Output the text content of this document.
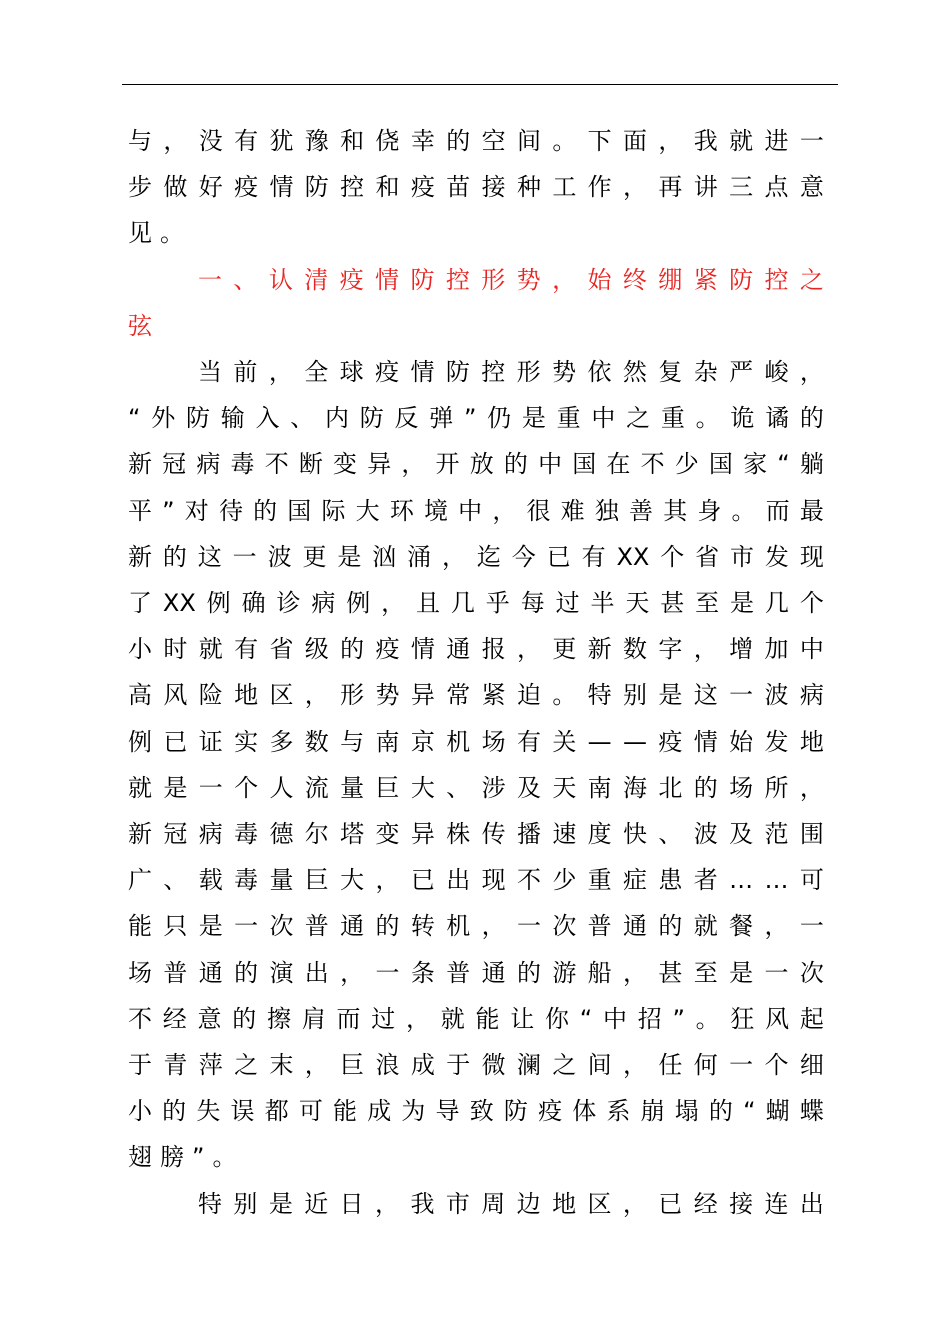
与 ， 没 有 犹 豫 和 侥 幸 的 空 间 。 下 面 ， 我 就 进 一
步 做 好 疫 情 防 控 和 疫 苗 接 种 工 作 ， 再 讲 三 点 意
见 。
一 、 认 清 疫 情 防 控 形 势 ， 始 终 绷 紧 防 控 之
弦
当 前 ， 全 球 疫 情 防 控 形 势 依 然 复 杂 严 峻 ，
“ 外 防 输 入 、 内 防 反 弹 ” 仍 是 重 中 之 重 。 诡 谲 的
新 冠 病 毒 不 断 变 异 ， 开 放 的 中 国 在 不 少 国 家 “ 躺
平 ” 对 待 的 国 际 大 环 境 中 ， 很 难 独 善 其 身 。 而 最
新 的 这 一 波 更 是 汹 涌 ， 迄 今 已 有 XX 个 省 市 发 现
了 XX 例 确 诊 病 例 ， 且 几 乎 每 过 半 天 甚 至 是 几 个
小 时 就 有 省 级 的 疫 情 通 报 ， 更 新 数 字 ， 增 加 中
高 风 险 地 区 ， 形 势 异 常 紧 迫 。 特 别 是 这 一 波 病
例 已 证 实 多 数 与 南 京 机 场 有 关 — — 疫 情 始 发 地
就 是 一 个 人 流 量 巨 大 、 涉 及 天 南 海 北 的 场 所 ，
新 冠 病 毒 德 尔 塔 变 异 株 传 播 速 度 快 、 波 及 范 围
广 、 载 毒 量 巨 大 ， 已 出 现 不 少 重 症 患 者 … … 可
能 只 是 一 次 普 通 的 转 机 ， 一 次 普 通 的 就 餐 ， 一
场 普 通 的 演 出 ， 一 条 普 通 的 游 船 ， 甚 至 是 一 次
不 经 意 的 擦 肩 而 过 ， 就 能 让 你 “ 中 招 ” 。 狂 风 起
于 青 萍 之 末 ， 巨 浪 成 于 微 澜 之 间 ， 任 何 一 个 细
小 的 失 误 都 可 能 成 为 导 致 防 疫 体 系 崩 塌 的 “ 蝴 蝶
翅 膀 ” 。
特 别 是 近 日 ， 我 市 周 边 地 区 ， 已 经 接 连 出
